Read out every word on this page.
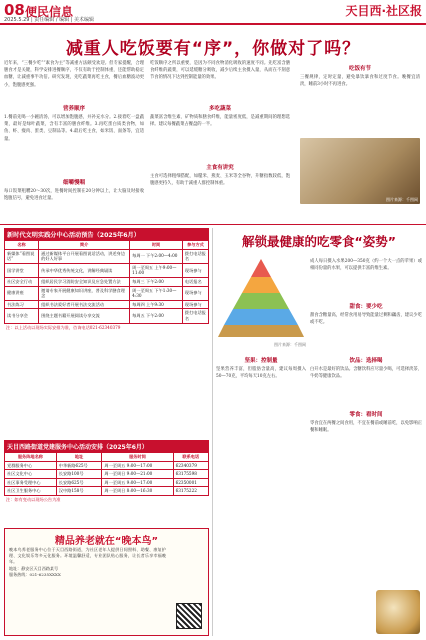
08 便民信息	天目西·社区报
2025.5.29 | 责任编辑 / 编辑 | 美术编辑
减重人吃饭要有“序”，你做对了吗？
近年来，“三餐少吃”“素食为主”等减重方法颇受欢迎。但专家提醒，合理膳食才是关键，科学安排进餐顺序，不仅有助于控制体重，还能帮助稳定血糖，让减重事半功倍。研究发现，先吃蔬菜再吃主食，餐后血糖波动更小，饱腹感更强。
吃饭顺序之所以重要，是因为不同食物消化吸收的速度不同。先吃富含膳食纤维的蔬菜，可以延缓糖分吸收，减少后续主食摄入量，从而在不刻意节食的情况下达到控制能量的效果。
营养顺序
1.餐前先喝一小碗清汤，可以增加饱腹感，并补充水分。2.接着吃一盘蔬菜，最好是绿叶蔬菜，含有丰富的膳食纤维。3.再吃蛋白质类食物，如鱼、虾、瘦肉、蛋类、豆制品等。4.最后吃主食，如米饭、面条等，宜适量。
细嚼慢咽
每口饭菜咀嚼20～30次，进餐时间控制在20分钟以上，让大脑及时接收饱腹信号，避免进食过量。
多吃蔬菜
蔬菜富含维生素、矿物质和膳食纤维，能量密度低，是减重期间的理想选择。建议每餐蔬菜占餐盘的一半。
主食有讲究
主食可选择粗细搭配，如糙米、燕麦、玉米等全谷物，升糖指数较低，饱腹感更持久，有助于减重人群控制体重。
吃饭有节
三餐规律，定时定量，避免暴饮暴食和过度节食。晚餐宜清淡，睡前3小时不再进食。
图片来源：千图网
新时代文明实践分中心活动预告（2025年6月）
名称	简介	时间	参与方式
新媒体“看图说话”	通过新媒体平台开展看图说话活动，讲述身边的好人好事	每周一 下午2:00—4:00	拨打电话报名
国学讲堂	传承中华优秀传统文化，讲解经典诵读	周一至周五 上午9:00—11:00	现场参与
社区安全行动	组织居民学习消防安全知识及应急处置方法	每周三 下午2:00	电话报名
健康讲座	邀请专家开展健康知识讲座，普及科学膳食理念	周一至周五 下午1:30—4:30	现场参与
书法练习	组织书法爱好者开展书法交流活动	每周四 上午9:30	现场参与
读书分享会	围绕主题书籍开展阅读分享交流	每周五 下午2:00	拨打电话报名
注：以上活动以现场实际安排为准，咨询电话021-62340379
天目西路街道党建服务中心活动安排（2025年6月）
服务阵地名称	地址	服务时间	联系电话
党群服务中心	中华新路625号	周一至周五 9:00—17:00	62340379
社区文化中心	长安路100号	周一至周日 9:00—21:00	63175598
社区事务受理中心	长安路625号	周一至周五 9:00—17:00	62350001
社区卫生服务中心	汉中路158号	周一至周日 8:00—16:30	63175222
注：如有变动以现场公告为准
精品养老就在“晚本鸟”
晚本鸟养老服务中心位于天目西路街道，为社区老年人提供日间照料、助餐、康复护理、文化娱乐等多元化服务。环境温馨舒适，专业团队贴心服务，让长者乐享幸福晚年。
地址：静安区天目西路某号
服务热线：021-6235XXXX
解锁最健康的吃零食“姿势”
图片来源：千图网
成人每日摄入水果200—350克（约一个大一点的苹果）或相同份量的水果，可以提供丰富的维生素。
甜食：要少吃
甜食含糖量高，经常食用易导致能量过剩和龋齿，建议少吃或不吃。
饮品：选择喝
白开水是最好的饮品。含糖饮料应尽量少喝，可选择淡茶、牛奶等健康饮品。
零食：看时间
零食宜在两餐之间食用，不宜在餐前或睡前吃，以免影响正餐和睡眠。
坚果：控制量
坚果营养丰富，但脂肪含量高，建议每周摄入50—70克，平均每天10克左右。
